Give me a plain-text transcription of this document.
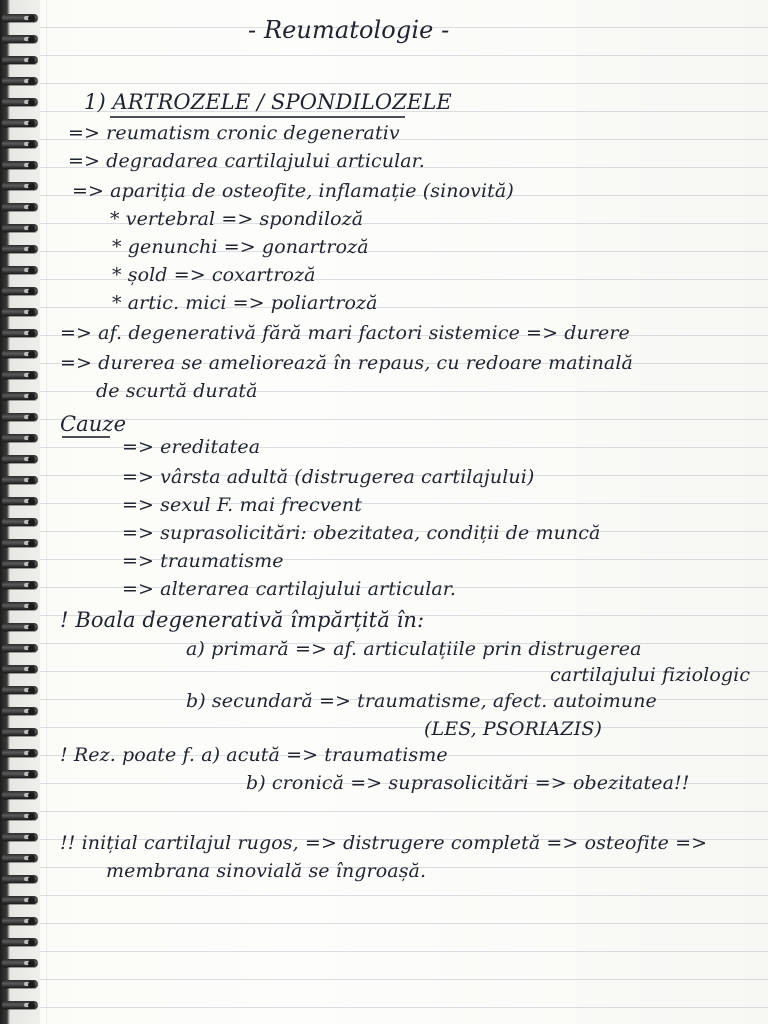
- Reumatologie -
1) ARTROZELE / SPONDILOZELE
=> reumatism cronic degenerativ
=> degradarea cartilajului articular.
=> apariția de osteofite, inflamație (sinovită)
* vertebral => spondiloză
* genunchi => gonartroză
* șold => coxartroză
* artic. mici => poliartroză
=> af. degenerativă fără mari factori sistemice => durere
=> durerea se ameliorează în repaus, cu redoare matinală
de scurtă durată
Cauze
=> ereditatea
=> vârsta adultă (distrugerea cartilajului)
=> sexul F. mai frecvent
=> suprasolicitări: obezitatea, condiții de muncă
=> traumatisme
=> alterarea cartilajului articular.
! Boala degenerativă împărțită în:
a) primară => af. articulațiile prin distrugerea
cartilajului fiziologic
b) secundară => traumatisme, afect. autoimune
(LES, PSORIAZIS)
! Rez. poate f. a) acută => traumatisme
b) cronică => suprasolicitări => obezitatea!!
!! inițial cartilajul rugos, => distrugere completă => osteofite =>
membrana sinovială se îngroașă.
